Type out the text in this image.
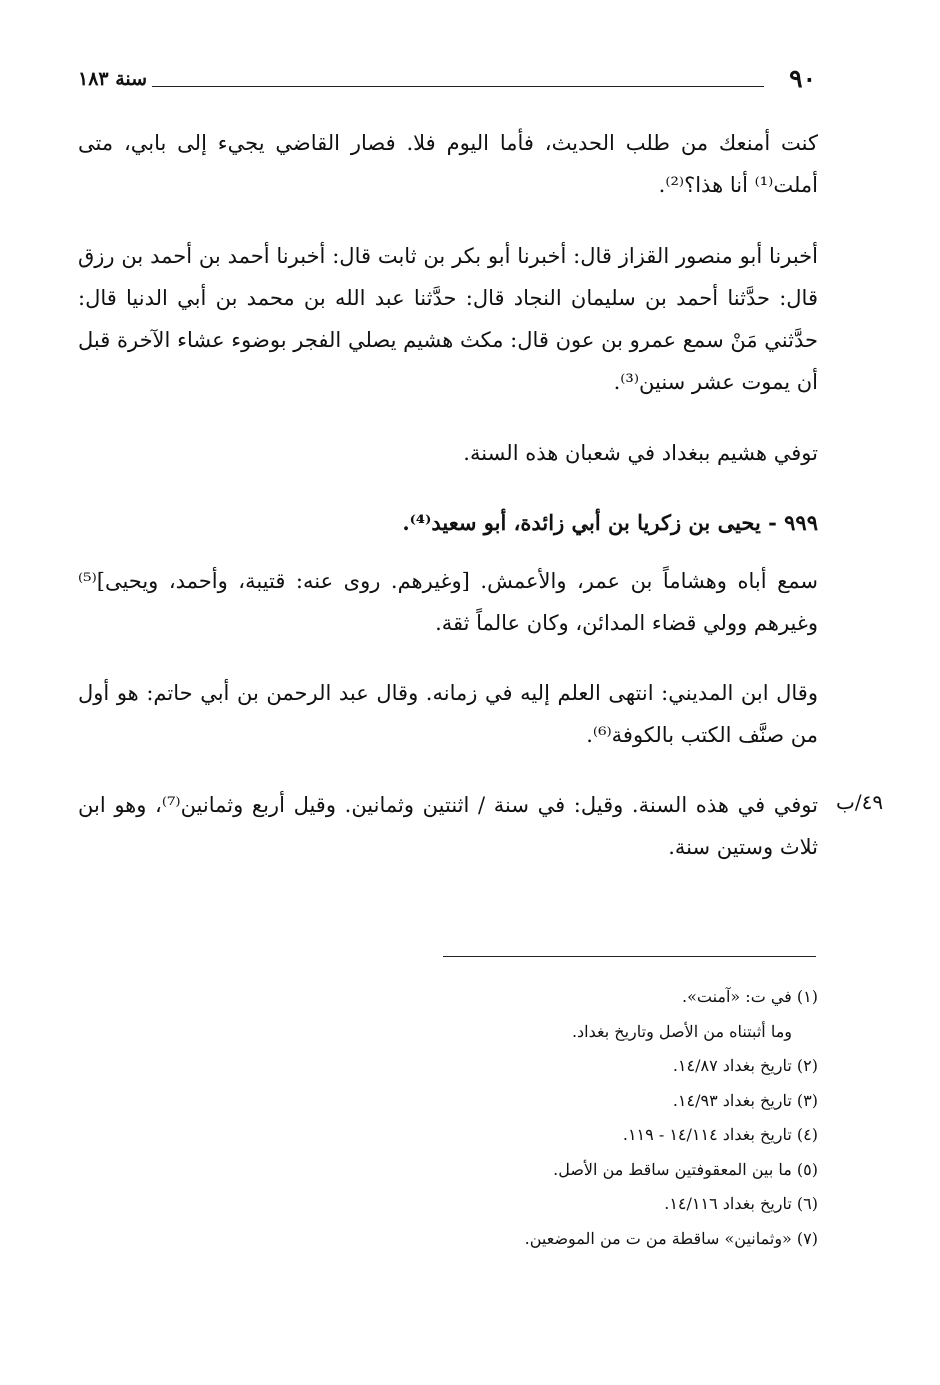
٩٠
سنة ١٨٣
كنت أمنعك من طلب الحديث، فأما اليوم فلا. فصار القاضي يجيء إلى بابي، متى أملت⁽¹⁾ أنا هذا؟⁽²⁾.
أخبرنا أبو منصور القزاز قال: أخبرنا أبو بكر بن ثابت قال: أخبرنا أحمد بن أحمد بن رزق قال: حدَّثنا أحمد بن سليمان النجاد قال: حدَّثنا عبد الله بن محمد بن أبي الدنيا قال: حدَّثني مَنْ سمع عمرو بن عون قال: مكث هشيم يصلي الفجر بوضوء عشاء الآخرة قبل أن يموت عشر سنين⁽³⁾.
توفي هشيم ببغداد في شعبان هذه السنة.
٩٩٩ - يحيى بن زكريا بن أبي زائدة، أبو سعيد⁽⁴⁾.
سمع أباه وهشاماً بن عمر، والأعمش. [وغيرهم. روى عنه: قتيبة، وأحمد، ويحيى]⁽⁵⁾ وغيرهم وولي قضاء المدائن، وكان عالماً ثقة.
وقال ابن المديني: انتهى العلم إليه في زمانه. وقال عبد الرحمن بن أبي حاتم: هو أول من صنَّف الكتب بالكوفة⁽⁶⁾.
توفي في هذه السنة. وقيل: في سنة / اثنتين وثمانين. وقيل أربع وثمانين⁽⁷⁾، وهو ابن ثلاث وستين سنة.
٤٩/ب
(١) في ت: «آمنت».
وما أثبتناه من الأصل وتاريخ بغداد.
(٢) تاريخ بغداد ١٤/٨٧.
(٣) تاريخ بغداد ١٤/٩٣.
(٤) تاريخ بغداد ١٤/١١٤ - ١١٩.
(٥) ما بين المعقوفتين ساقط من الأصل.
(٦) تاريخ بغداد ١٤/١١٦.
(٧) «وثمانين» ساقطة من ت من الموضعين.
